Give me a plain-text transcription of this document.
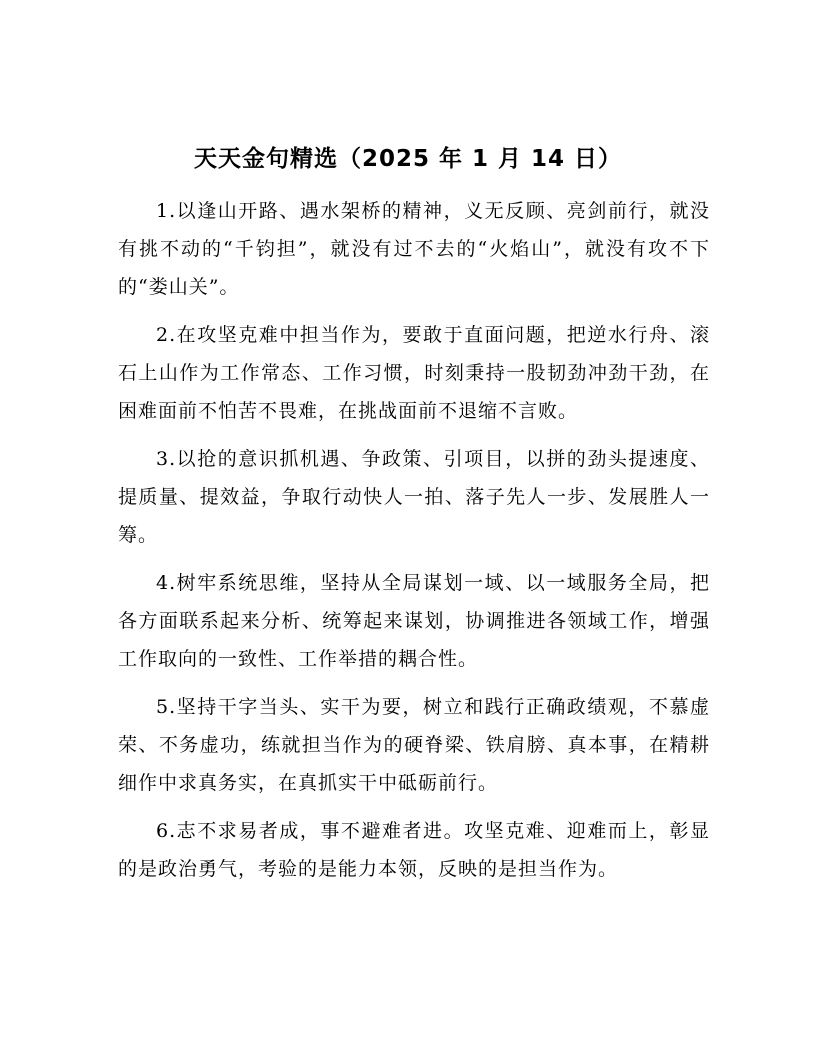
天天金句精选（2025 年 1 月 14 日）

1.以逢山开路、遇水架桥的精神，义无反顾、亮剑前行，就没有挑不动的“千钧担”，就没有过不去的“火焰山”，就没有攻不下的“娄山关”。

2.在攻坚克难中担当作为，要敢于直面问题，把逆水行舟、滚石上山作为工作常态、工作习惯，时刻秉持一股韧劲冲劲干劲，在困难面前不怕苦不畏难，在挑战面前不退缩不言败。

3.以抢的意识抓机遇、争政策、引项目，以拼的劲头提速度、提质量、提效益，争取行动快人一拍、落子先人一步、发展胜人一筹。

4.树牢系统思维，坚持从全局谋划一域、以一域服务全局，把各方面联系起来分析、统筹起来谋划，协调推进各领域工作，增强工作取向的一致性、工作举措的耦合性。

5.坚持干字当头、实干为要，树立和践行正确政绩观，不慕虚荣、不务虚功，练就担当作为的硬脊梁、铁肩膀、真本事，在精耕细作中求真务实，在真抓实干中砥砺前行。

6.志不求易者成，事不避难者进。攻坚克难、迎难而上，彰显的是政治勇气，考验的是能力本领，反映的是担当作为。
